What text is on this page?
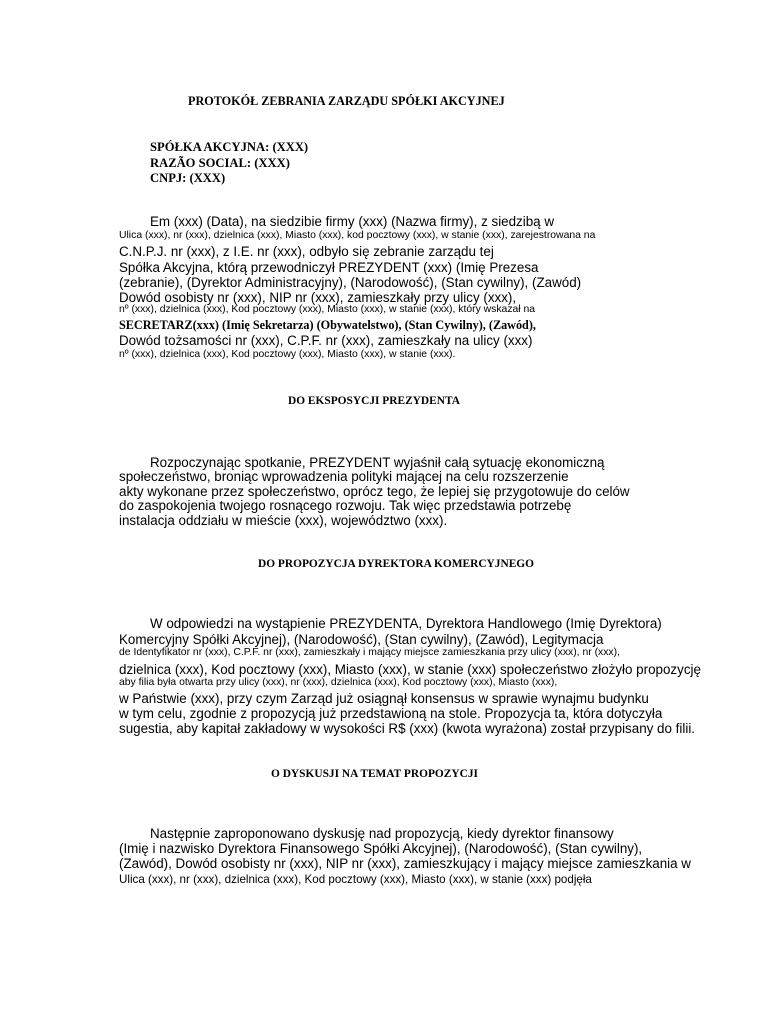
PROTOKÓŁ ZEBRANIA ZARZĄDU SPÓŁKI AKCYJNEJ
SPÓŁKA AKCYJNA: (XXX)
RAZÃO SOCIAL: (XXX)
CNPJ: (XXX)
Em (xxx) (Data), na siedzibie firmy (xxx) (Nazwa firmy), z siedzibą w
Ulica (xxx), nr (xxx), dzielnica (xxx), Miasto (xxx), kod pocztowy (xxx), w stanie (xxx), zarejestrowana na
C.N.P.J. nr (xxx), z I.E. nr (xxx), odbyło się zebranie zarządu tej
Spółka Akcyjna, którą przewodniczył PREZYDENT (xxx) (Imię Prezesa
(zebranie), (Dyrektor Administracyjny), (Narodowość), (Stan cywilny), (Zawód)
Dowód osobisty nr (xxx), NIP nr (xxx), zamieszkały przy ulicy (xxx),
nº (xxx), dzielnica (xxx), Kod pocztowy (xxx), Miasto (xxx), w stanie (xxx), który wskazał na
SECRETARZ(xxx) (Imię Sekretarza) (Obywatelstwo), (Stan Cywilny), (Zawód),
Dowód tożsamości nr (xxx), C.P.F. nr (xxx), zamieszkały na ulicy (xxx)
nº (xxx), dzielnica (xxx), Kod pocztowy (xxx), Miasto (xxx), w stanie (xxx).
DO EKSPOSYCJI PREZYDENTA
Rozpoczynając spotkanie, PREZYDENT wyjaśnił całą sytuację ekonomiczną
społeczeństwo, broniąc wprowadzenia polityki mającej na celu rozszerzenie
akty wykonane przez społeczeństwo, oprócz tego, że lepiej się przygotowuje do celów
do zaspokojenia twojego rosnącego rozwoju. Tak więc przedstawia potrzebę
instalacja oddziału w mieście (xxx), województwo (xxx).
DO PROPOZYCJA DYREKTORA KOMERCYJNEGO
W odpowiedzi na wystąpienie PREZYDENTA, Dyrektora Handlowego (Imię Dyrektora)
Komercyjny Spółki Akcyjnej), (Narodowość), (Stan cywilny), (Zawód), Legitymacja
de Identyfikator nr (xxx), C.P.F. nr (xxx), zamieszkały i mający miejsce zamieszkania przy ulicy (xxx), nr (xxx),
dzielnica (xxx), Kod pocztowy (xxx), Miasto (xxx), w stanie (xxx) społeczeństwo złożyło propozycję
aby filia była otwarta przy ulicy (xxx), nr (xxx), dzielnica (xxx), Kod pocztowy (xxx), Miasto (xxx),
w Państwie (xxx), przy czym Zarząd już osiągnął konsensus w sprawie wynajmu budynku
w tym celu, zgodnie z propozycją już przedstawioną na stole. Propozycja ta, która dotyczyła
sugestia, aby kapitał zakładowy w wysokości R$ (xxx) (kwota wyrażona) został przypisany do filii.
O DYSKUSJI NA TEMAT PROPOZYCJI
Następnie zaproponowano dyskusję nad propozycją, kiedy dyrektor finansowy
(Imię i nazwisko Dyrektora Finansowego Spółki Akcyjnej), (Narodowość), (Stan cywilny),
(Zawód), Dowód osobisty nr (xxx), NIP nr (xxx), zamieszkujący i mający miejsce zamieszkania w
Ulica (xxx), nr (xxx), dzielnica (xxx), Kod pocztowy (xxx), Miasto (xxx), w stanie (xxx) podjęła
